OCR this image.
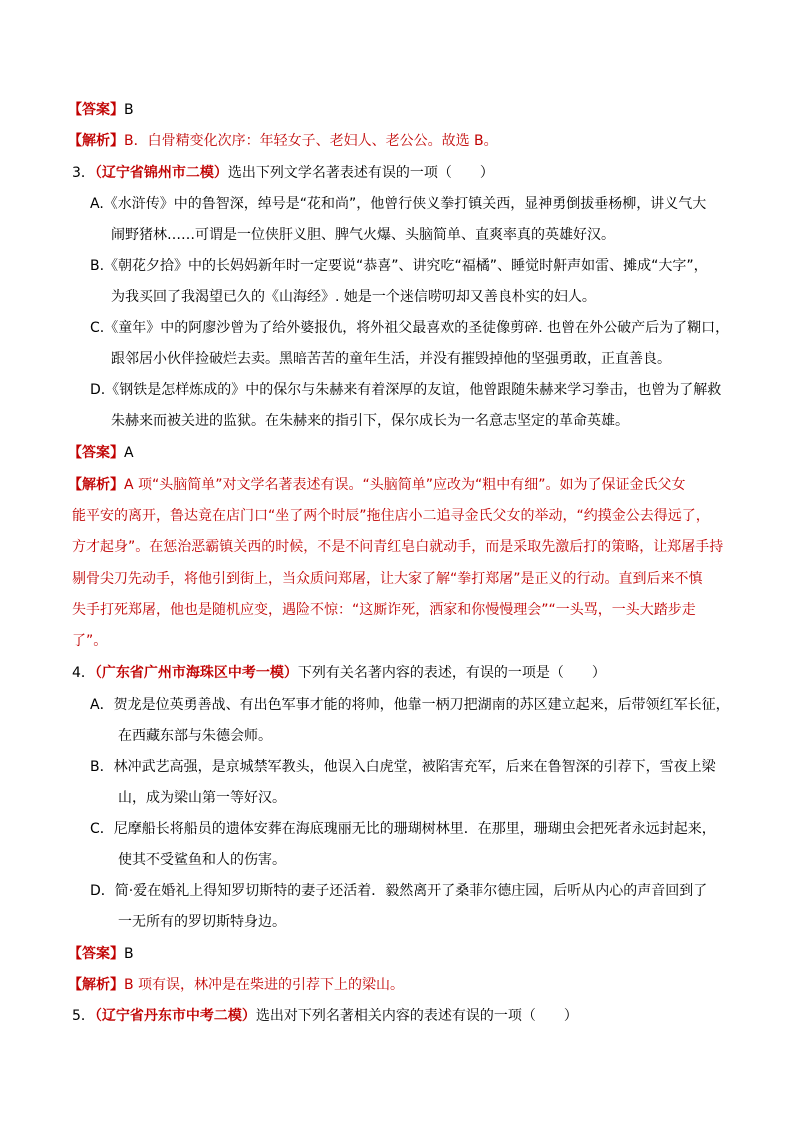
【答案】B
【解析】B．白骨精变化次序：年轻女子、老妇人、老公公。故选 B。
3．（辽宁省锦州市二模）选出下列文学名著表述有误的一项（　　）
A.《水浒传》中的鲁智深，绰号是“花和尚”，他曾行侠义拳打镇关西，显神勇倒拔垂杨柳，讲义气大
闹野猪林……可谓是一位侠肝义胆、脾气火爆、头脑简单、直爽率真的英雄好汉。
B.《朝花夕拾》中的长妈妈新年时一定要说“恭喜”、讲究吃“福橘”、睡觉时鼾声如雷、摊成“大字”，
为我买回了我渴望已久的《山海经》. 她是一个迷信唠叨却又善良朴实的妇人。
C.《童年》中的阿廖沙曾为了给外婆报仇，将外祖父最喜欢的圣徒像剪碎. 也曾在外公破产后为了糊口，
跟邻居小伙伴捡破烂去卖。黑暗苦苦的童年生活，并没有摧毁掉他的坚强勇敢，正直善良。
D.《钢铁是怎样炼成的》中的保尔与朱赫来有着深厚的友谊，他曾跟随朱赫来学习拳击，也曾为了解救
朱赫来而被关进的监狱。在朱赫来的指引下，保尔成长为一名意志坚定的革命英雄。
【答案】A
【解析】A 项“头脑简单”对文学名著表述有误。“头脑简单”应改为“粗中有细”。如为了保证金氏父女
能平安的离开，鲁达竟在店门口“坐了两个时辰”拖住店小二追寻金氏父女的举动，“约摸金公去得远了，
方才起身”。在惩治恶霸镇关西的时候，不是不问青红皂白就动手，而是采取先激后打的策略，让郑屠手持
剔骨尖刀先动手，将他引到街上，当众质问郑屠，让大家了解“拳打郑屠”是正义的行动。直到后来不慎
失手打死郑屠，他也是随机应变，遇险不惊：“这厮诈死，洒家和你慢慢理会”“一头骂，一头大踏步走
了”。
4．（广东省广州市海珠区中考一模）下列有关名著内容的表述，有误的一项是（　　）
A．贺龙是位英勇善战、有出色军事才能的将帅，他靠一柄刀把湖南的苏区建立起来，后带领红军长征，
在西藏东部与朱德会师。
B．林冲武艺高强，是京城禁军教头，他误入白虎堂，被陷害充军，后来在鲁智深的引荐下，雪夜上梁
山，成为梁山第一等好汉。
C．尼摩船长将船员的遗体安葬在海底瑰丽无比的珊瑚树林里．在那里，珊瑚虫会把死者永远封起来，
使其不受鲨鱼和人的伤害。
D．简·爱在婚礼上得知罗切斯特的妻子还活着．毅然离开了桑菲尔德庄园，后听从内心的声音回到了
一无所有的罗切斯特身边。
【答案】B
【解析】B 项有误，林冲是在柴进的引荐下上的梁山。
5．（辽宁省丹东市中考二模）选出对下列名著相关内容的表述有误的一项（　　）
